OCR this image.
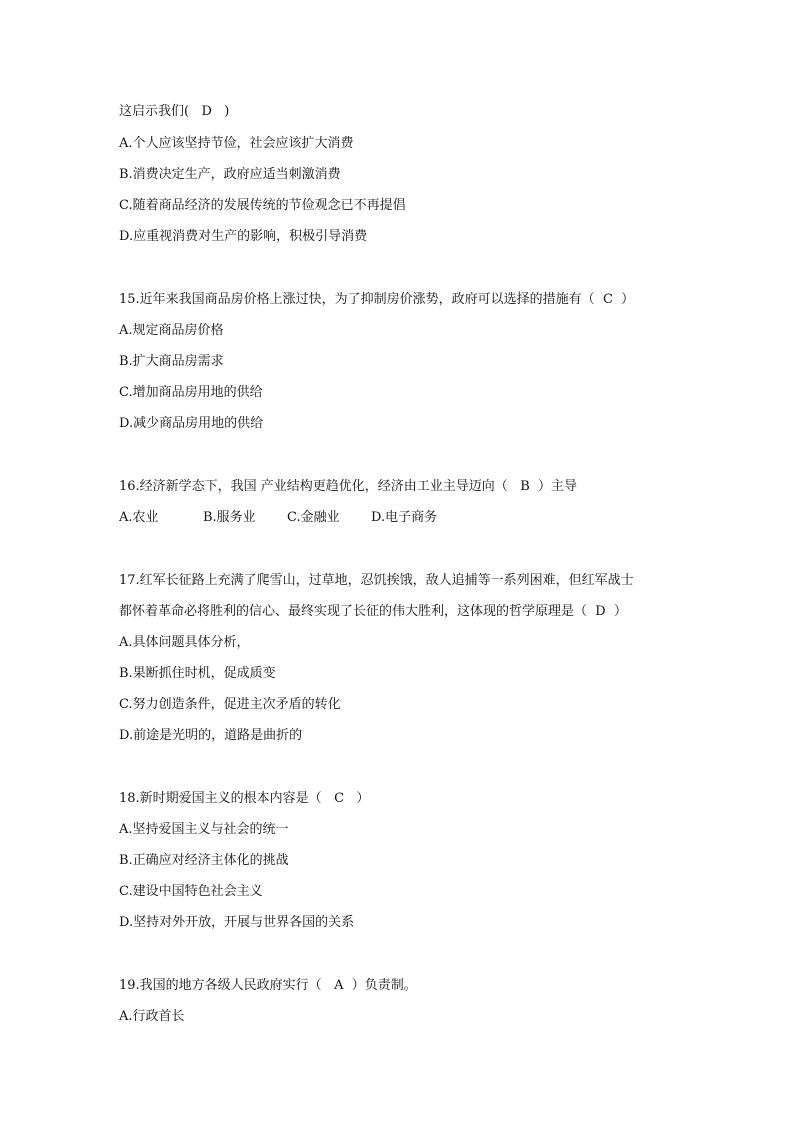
这启示我们(   D   )
A.个人应该坚持节俭，社会应该扩大消费
B.消费决定生产，政府应适当刺激消费
C.随着商品经济的发展传统的节俭观念已不再提倡
D.应重视消费对生产的影响，积极引导消费
15.近年来我国商品房价格上涨过快，为了抑制房价涨势，政府可以选择的措施有（  C  ）
A.规定商品房价格
B.扩大商品房需求
C.增加商品房用地的供给
D.减少商品房用地的供给
16.经济新学态下，我国 产业结构更趋优化，经济由工业主导迈向（   B  ）主导
A.农业	B.服务业 C.金融业 D.电子商务
17.红军长征路上充满了爬雪山，过草地，忍饥挨饿，敌人追捕等一系列困难，但红军战士
都怀着革命必将胜利的信心、最终实现了长征的伟大胜利，这体现的哲学原理是（  D  ）
A.具体问题具体分析，
B.果断抓住时机，促成质变
C.努力创造条件，促进主次矛盾的转化
D.前途是光明的，道路是曲折的
18.新时期爱国主义的根本内容是（   C   ）
A.坚持爱国主义与社会的统一
B.正确应对经济主体化的挑战
C.建设中国特色社会主义
D.坚持对外开放，开展与世界各国的关系
19.我国的地方各级人民政府实行（   A  ）负责制。
A.行政首长
